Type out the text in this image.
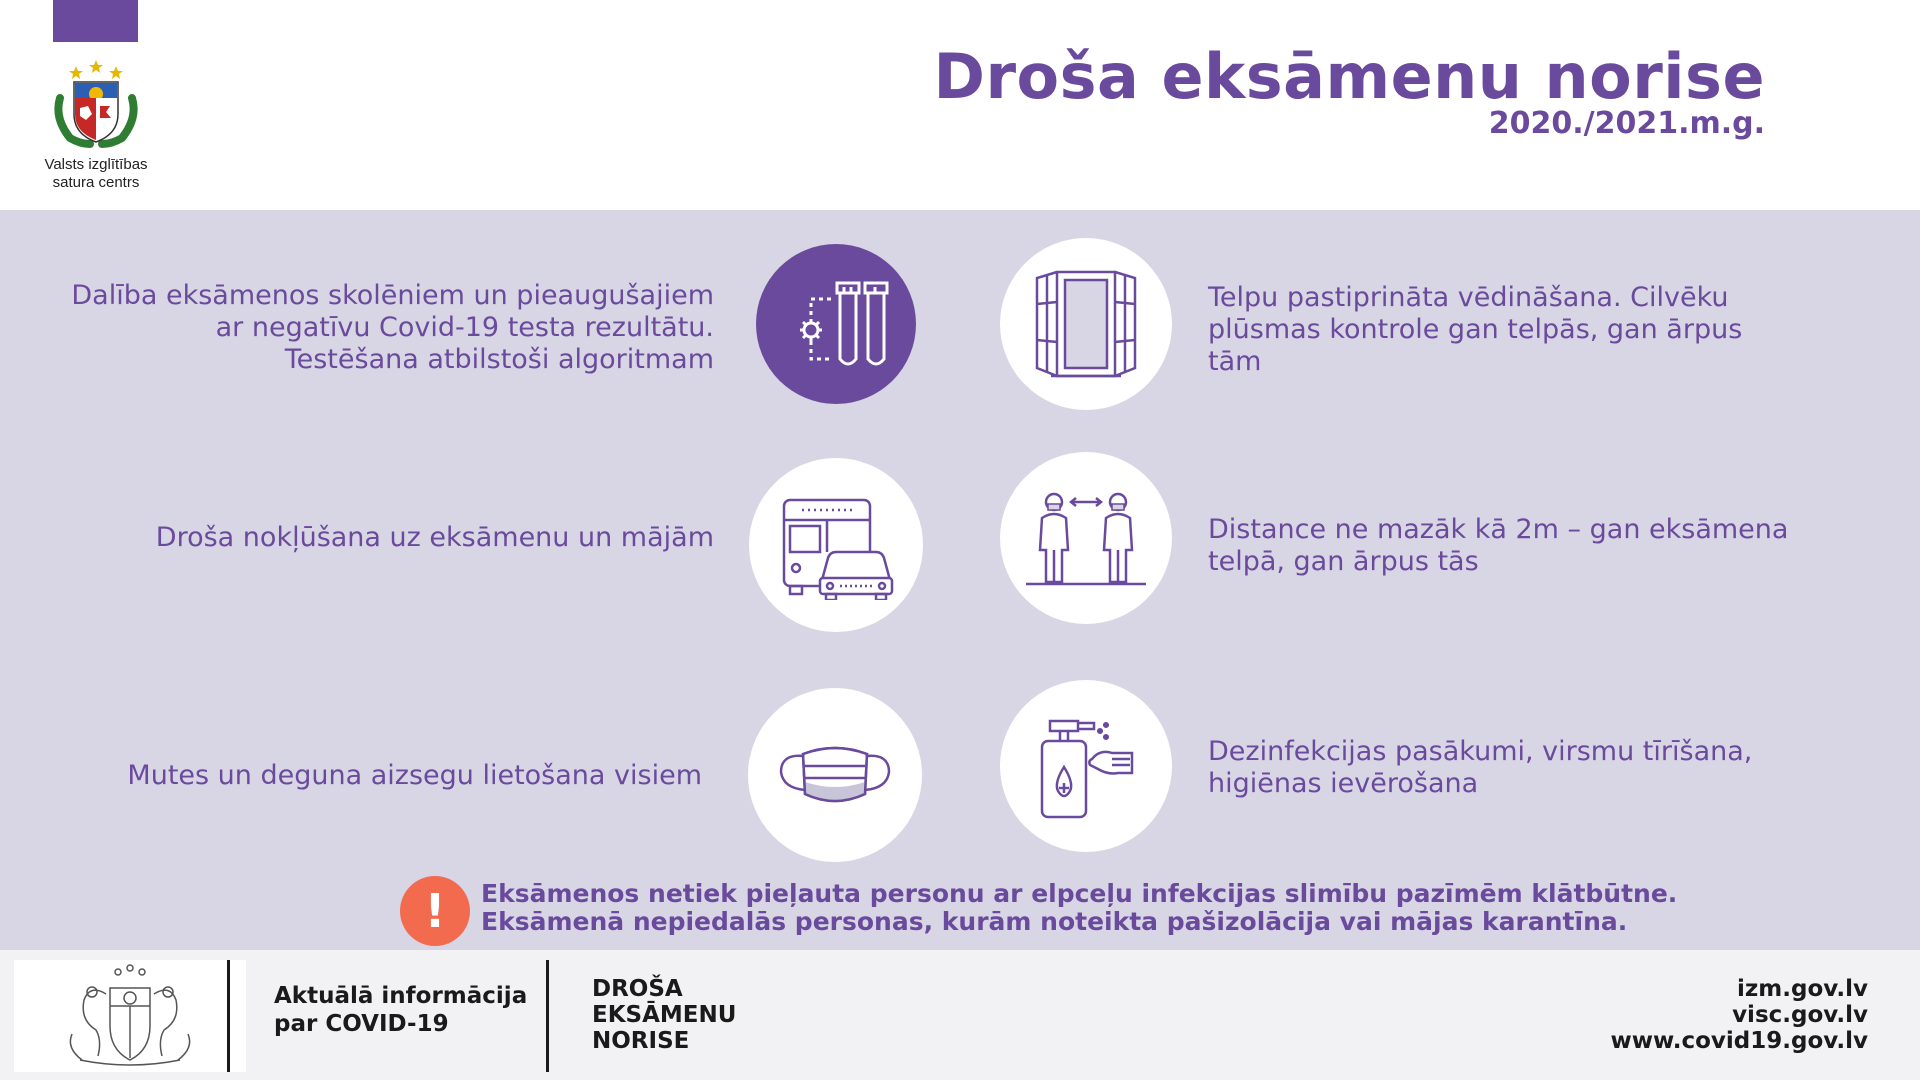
Valsts izglītības
satura centrs
Droša eksāmenu norise
2020./2021.m.g.
Dalība eksāmenos skolēniem un pieaugušajiem
ar negatīvu Covid-19 testa rezultātu.
Testēšana atbilstoši algoritmam
Telpu pastiprināta vēdināšana. Cilvēku
plūsmas kontrole gan telpās, gan ārpus
tām
Droša nokļūšana uz eksāmenu un mājām	Distance ne mazāk kā 2m – gan eksāmena
telpā, gan ārpus tās
Mutes un deguna aizsegu lietošana visiem
Dezinfekcijas pasākumi, virsmu tīrīšana,
higiēnas ievērošana
!	Eksāmenos netiek pieļauta personu ar elpceļu infekcijas slimību pazīmēm klātbūtne.
Eksāmenā nepiedalās personas, kurām noteikta pašizolācija vai mājas karantīna.
Aktuālā informācija
par COVID-19
DROŠA
EKSĀMENU
NORISE
izm.gov.lv
visc.gov.lv
www.covid19.gov.lv
